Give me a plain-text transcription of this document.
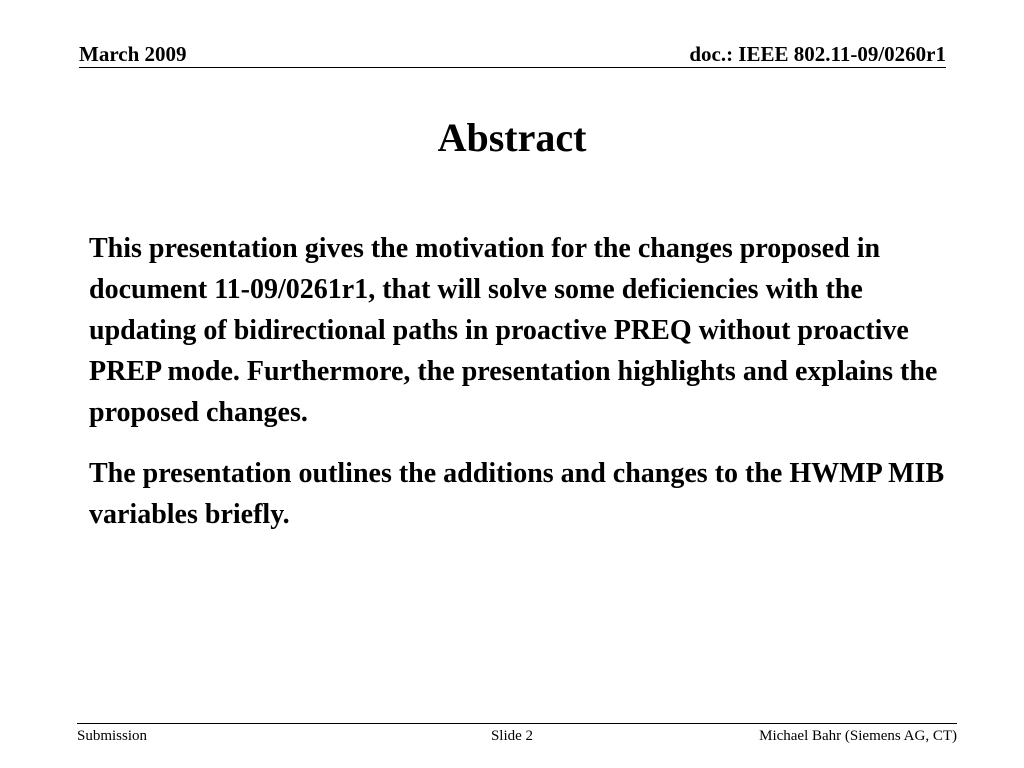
March 2009	doc.: IEEE 802.11-09/0260r1
Abstract

This presentation gives the motivation for the changes proposed in document 11-09/0261r1, that will solve some deficiencies with the updating of bidirectional paths in proactive PREQ without proactive PREP mode. Furthermore, the presentation highlights and explains the proposed changes.

The presentation outlines the additions and changes to the HWMP MIB variables briefly.

Submission	Slide 2	Michael Bahr (Siemens AG, CT)
